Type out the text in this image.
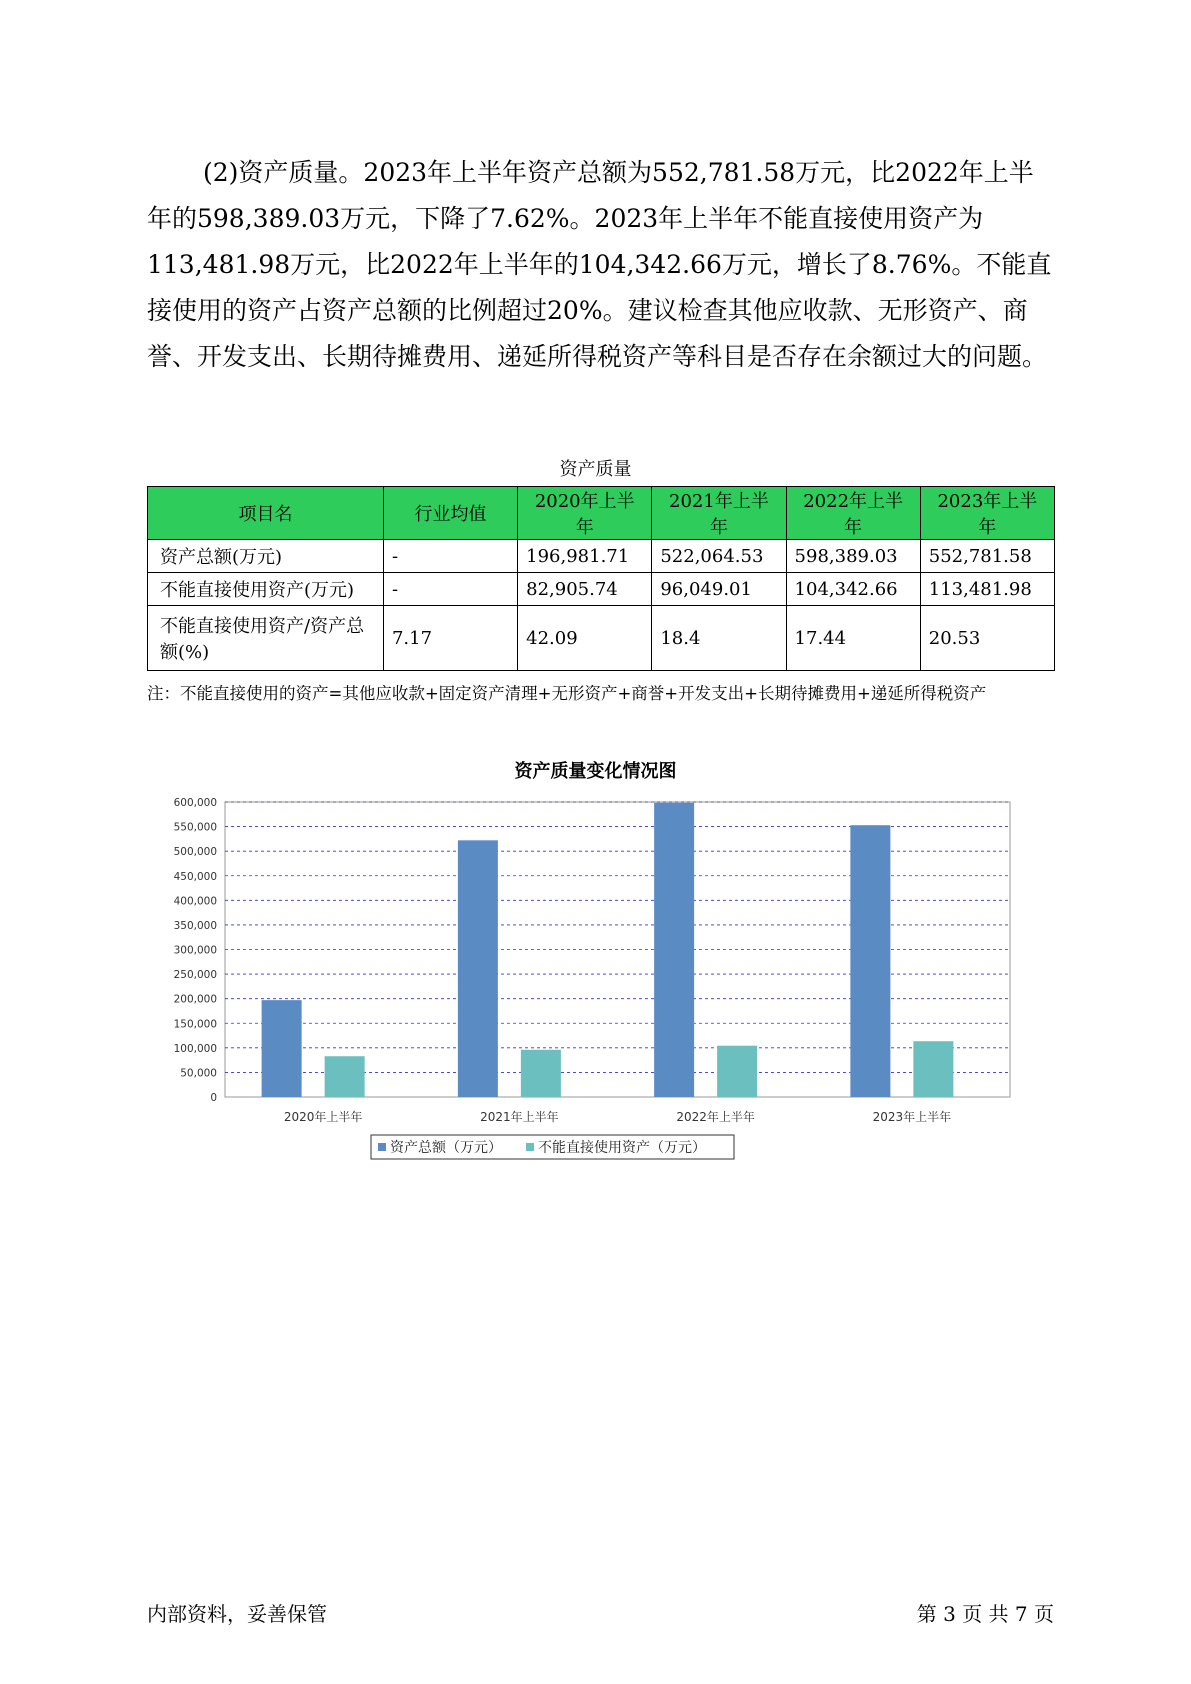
(2)资产质量。2023年上半年资产总额为552,781.58万元，比2022年上半年的598,389.03万元，下降了7.62%。2023年上半年不能直接使用资产为113,481.98万元，比2022年上半年的104,342.66万元，增长了8.76%。不能直接使用的资产占资产总额的比例超过20%。建议检查其他应收款、无形资产、商誉、开发支出、长期待摊费用、递延所得税资产等科目是否存在余额过大的问题。

资产质量
项目名	行业均值	2020年上半年	2021年上半年	2022年上半年	2023年上半年
资产总额(万元)	-	196,981.71	522,064.53	598,389.03	552,781.58
不能直接使用资产(万元)	-	82,905.74	96,049.01	104,342.66	113,481.98
不能直接使用资产/资产总额(%)	7.17	42.09	18.4	17.44	20.53
注：不能直接使用的资产=其他应收款+固定资产清理+无形资产+商誉+开发支出+长期待摊费用+递延所得税资产
资产质量变化情况图
0
50,000
100,000
150,000
200,000
250,000
300,000
350,000
400,000
450,000
500,000
550,000
600,000
2020年上半年	2021年上半年	2022年上半年	2023年上半年
资产总额（万元）	不能直接使用资产（万元）
内部资料，妥善保管	第 3 页 共 7 页
